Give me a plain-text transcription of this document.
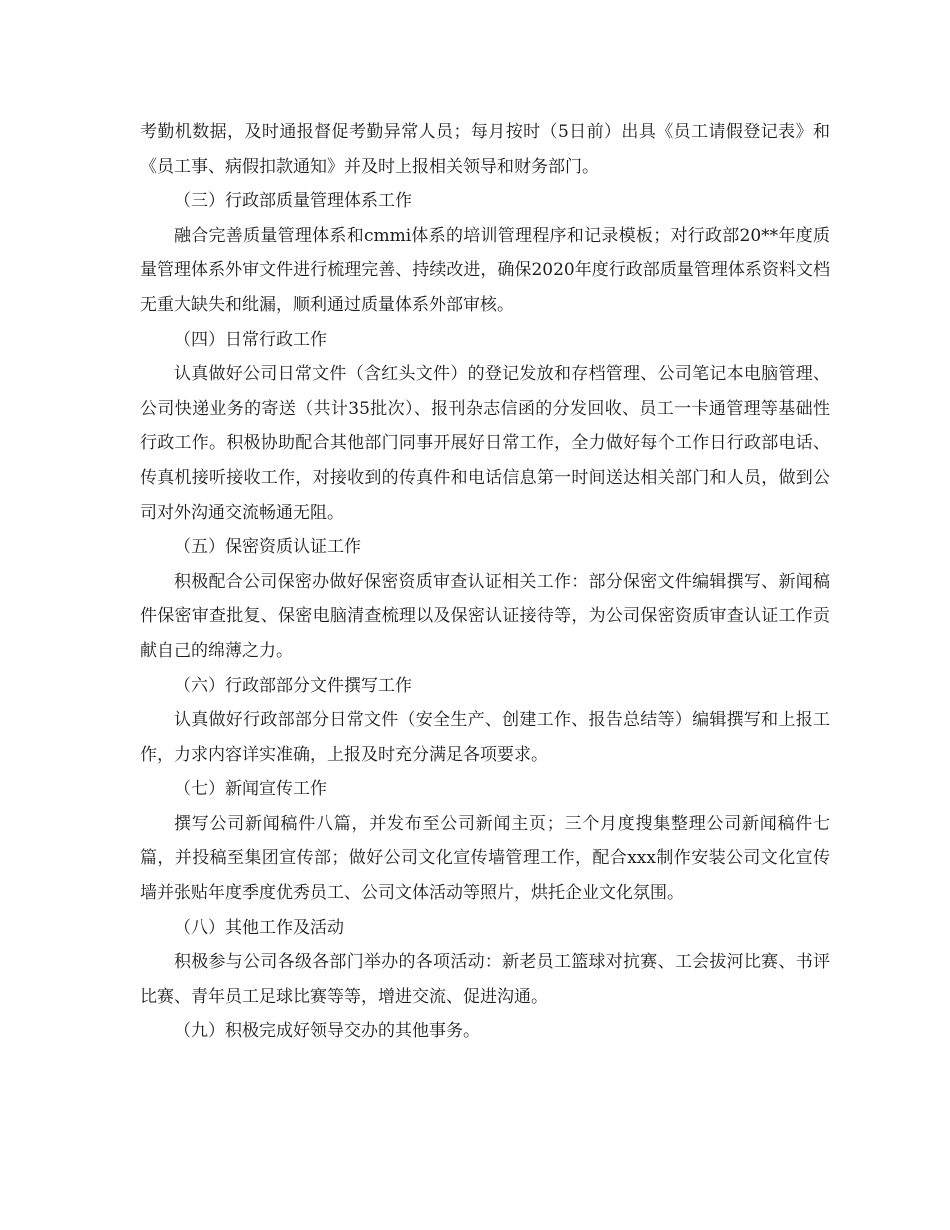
考勤机数据，及时通报督促考勤异常人员；每月按时（5日前）出具《员工请假登记表》和《员工事、病假扣款通知》并及时上报相关领导和财务部门。

（三）行政部质量管理体系工作

融合完善质量管理体系和cmmi体系的培训管理程序和记录模板；对行政部20**年度质量管理体系外审文件进行梳理完善、持续改进，确保2020年度行政部质量管理体系资料文档无重大缺失和纰漏，顺利通过质量体系外部审核。

（四）日常行政工作

认真做好公司日常文件（含红头文件）的登记发放和存档管理、公司笔记本电脑管理、公司快递业务的寄送（共计35批次）、报刊杂志信函的分发回收、员工一卡通管理等基础性行政工作。积极协助配合其他部门同事开展好日常工作，全力做好每个工作日行政部电话、传真机接听接收工作，对接收到的传真件和电话信息第一时间送达相关部门和人员，做到公司对外沟通交流畅通无阻。

（五）保密资质认证工作

积极配合公司保密办做好保密资质审查认证相关工作：部分保密文件编辑撰写、新闻稿件保密审查批复、保密电脑清查梳理以及保密认证接待等，为公司保密资质审查认证工作贡献自己的绵薄之力。

（六）行政部部分文件撰写工作

认真做好行政部部分日常文件（安全生产、创建工作、报告总结等）编辑撰写和上报工作，力求内容详实准确，上报及时充分满足各项要求。

（七）新闻宣传工作

撰写公司新闻稿件八篇，并发布至公司新闻主页；三个月度搜集整理公司新闻稿件七篇，并投稿至集团宣传部；做好公司文化宣传墙管理工作，配合xxx制作安装公司文化宣传墙并张贴年度季度优秀员工、公司文体活动等照片，烘托企业文化氛围。

（八）其他工作及活动

积极参与公司各级各部门举办的各项活动：新老员工篮球对抗赛、工会拔河比赛、书评比赛、青年员工足球比赛等等，增进交流、促进沟通。

（九）积极完成好领导交办的其他事务。
